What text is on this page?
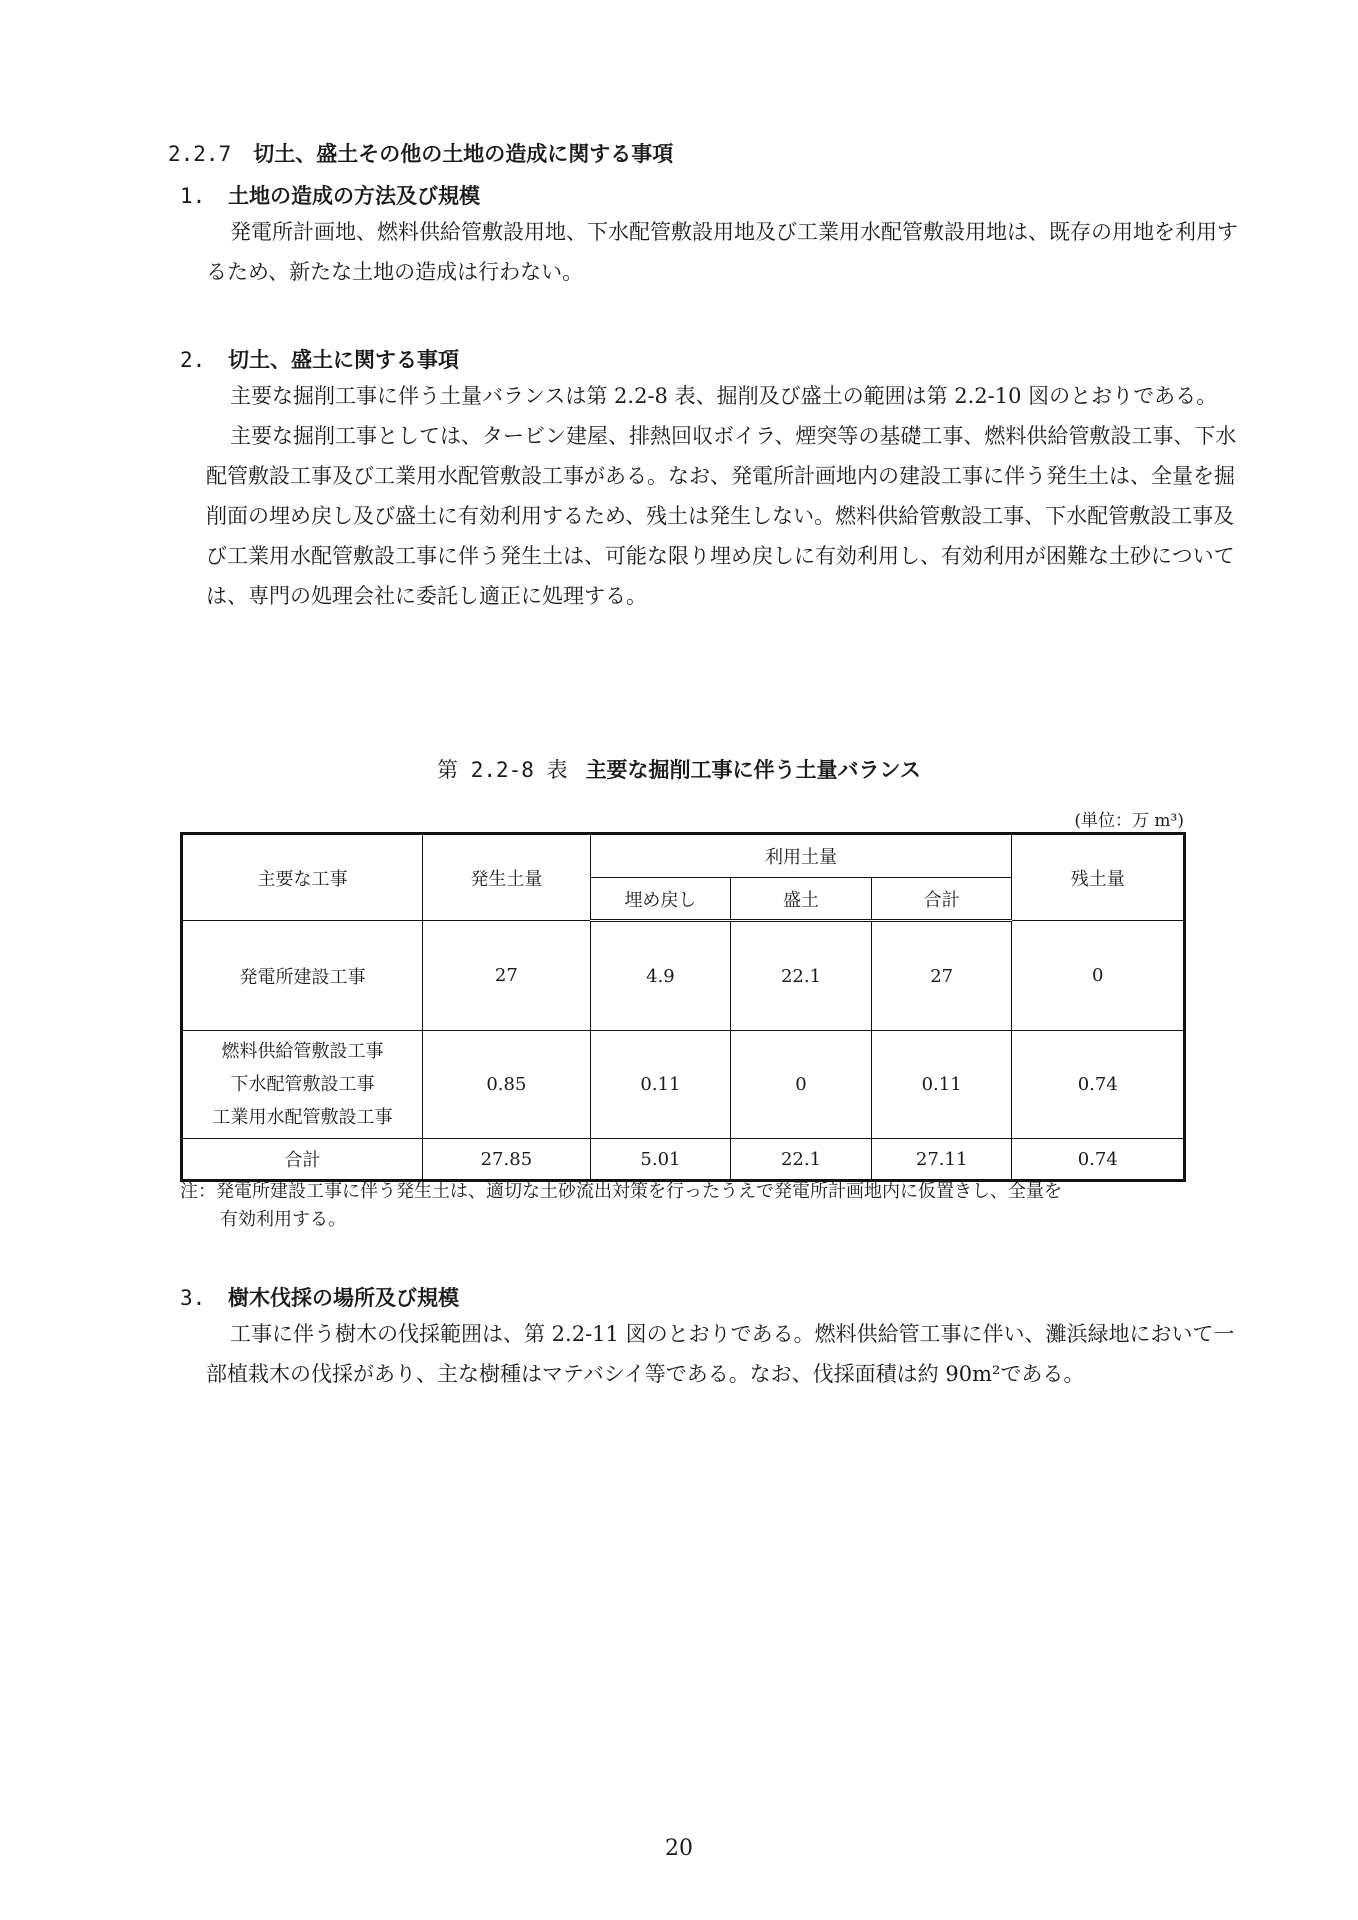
2.2.7 切土、盛土その他の土地の造成に関する事項
1. 土地の造成の方法及び規模

発電所計画地、燃料供給管敷設用地、下水配管敷設用地及び工業用水配管敷設用地は、既存の用地を利用するため、新たな土地の造成は行わない。

2. 切土、盛土に関する事項

主要な掘削工事に伴う土量バランスは第 2.2-8 表、掘削及び盛土の範囲は第 2.2-10 図のとおりである。

主要な掘削工事としては、タービン建屋、排熱回収ボイラ、煙突等の基礎工事、燃料供給管敷設工事、下水配管敷設工事及び工業用水配管敷設工事がある。なお、発電所計画地内の建設工事に伴う発生土は、全量を掘削面の埋め戻し及び盛土に有効利用するため、残土は発生しない。燃料供給管敷設工事、下水配管敷設工事及び工業用水配管敷設工事に伴う発生土は、可能な限り埋め戻しに有効利用し、有効利用が困難な土砂については、専門の処理会社に委託し適正に処理する。

第 2.2-8 表 主要な掘削工事に伴う土量バランス
(単位：万 m³)
主要な工事	発生土量	利用土量			残土量
		埋め戻し	盛土	合計	
発電所建設工事	27	4.9	22.1	27	0

燃料供給管敷設工事
下水配管敷設工事
工業用水配管敷設工事	0.85	0.11	0	0.11	0.74
合計	27.85	5.01	22.1	27.11	0.74
注：発電所建設工事に伴う発生土は、適切な土砂流出対策を行ったうえで発電所計画地内に仮置きし、全量を
有効利用する。
3. 樹木伐採の場所及び規模

工事に伴う樹木の伐採範囲は、第 2.2-11 図のとおりである。燃料供給管工事に伴い、灘浜緑地において一部植栽木の伐採があり、主な樹種はマテバシイ等である。なお、伐採面積は約 90m²である。

20
